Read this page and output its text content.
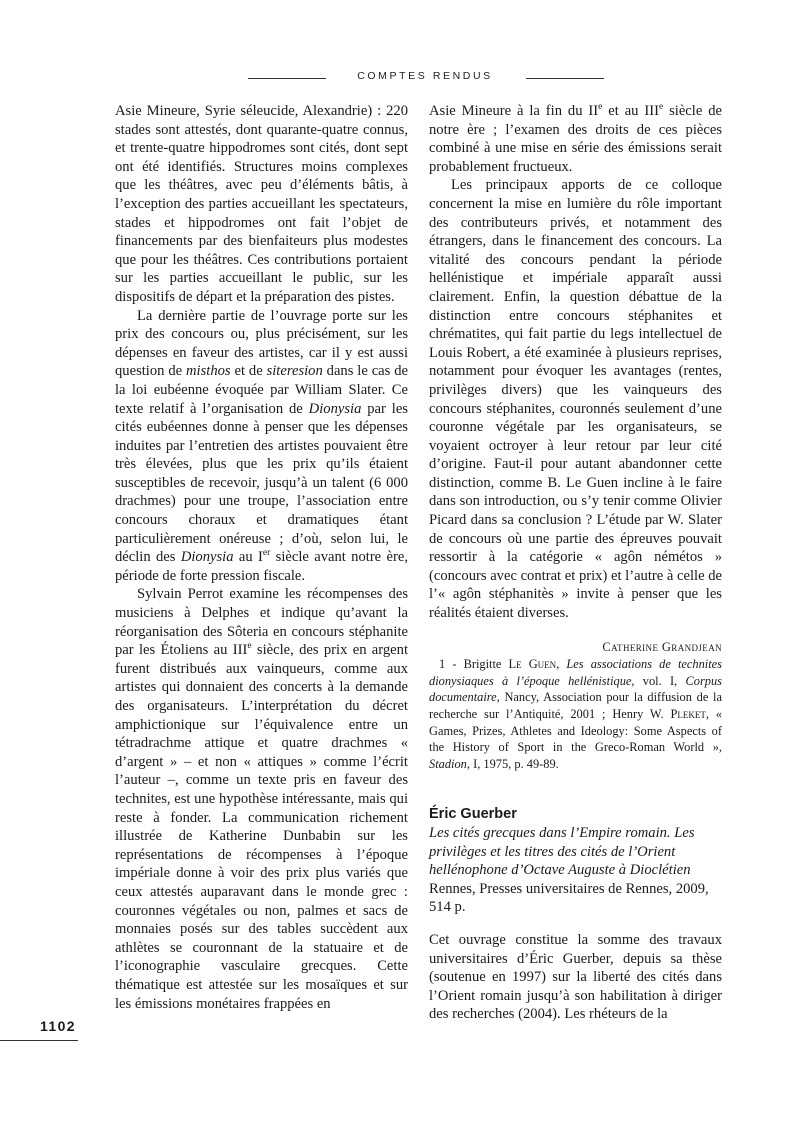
COMPTES RENDUS

Asie Mineure, Syrie séleucide, Alexandrie) : 220 stades sont attestés, dont quarante-quatre connus, et trente-quatre hippodromes sont cités, dont sept ont été identifiés. Structures moins complexes que les théâtres, avec peu d’éléments bâtis, à l’exception des parties accueillant les spectateurs, stades et hippodromes ont fait l’objet de financements par des bienfaiteurs plus modestes que pour les théâtres. Ces contributions portaient sur les parties accueillant le public, sur les dispositifs de départ et la préparation des pistes.

La dernière partie de l’ouvrage porte sur les prix des concours ou, plus précisément, sur les dépenses en faveur des artistes, car il y est aussi question de misthos et de siteresion dans le cas de la loi eubéenne évoquée par William Slater. Ce texte relatif à l’organisation de Dionysia par les cités eubéennes donne à penser que les dépenses induites par l’entretien des artistes pouvaient être très élevées, plus que les prix qu’ils étaient susceptibles de recevoir, jusqu’à un talent (6 000 drachmes) pour une troupe, l’association entre concours choraux et dramatiques étant particulièrement onéreuse ; d’où, selon lui, le déclin des Dionysia au Ier siècle avant notre ère, période de forte pression fiscale.

Sylvain Perrot examine les récompenses des musiciens à Delphes et indique qu’avant la réorganisation des Sôteria en concours stéphanite par les Étoliens au IIIe siècle, des prix en argent furent distribués aux vainqueurs, comme aux artistes qui donnaient des concerts à la demande des organisateurs. L’interprétation du décret amphictionique sur l’équivalence entre un tétradrachme attique et quatre drachmes « d’argent » – et non « attiques » comme l’écrit l’auteur –, comme un texte pris en faveur des technites, est une hypothèse intéressante, mais qui reste à fonder. La communication richement illustrée de Katherine Dunbabin sur les représentations de récompenses à l’époque impériale donne à voir des prix plus variés que ceux attestés auparavant dans le monde grec : couronnes végétales ou non, palmes et sacs de monnaies posés sur des tables succèdent aux athlètes se couronnant de la statuaire et de l’iconographie vasculaire grecques. Cette thématique est attestée sur les mosaïques et sur les émissions monétaires frappées en

Asie Mineure à la fin du IIe et au IIIe siècle de notre ère ; l’examen des droits de ces pièces combiné à une mise en série des émissions serait probablement fructueux.

Les principaux apports de ce colloque concernent la mise en lumière du rôle important des contributeurs privés, et notamment des étrangers, dans le financement des concours. La vitalité des concours pendant la période hellénistique et impériale apparaît aussi clairement. Enfin, la question débattue de la distinction entre concours stéphanites et chrématites, qui fait partie du legs intellectuel de Louis Robert, a été examinée à plusieurs reprises, notamment pour évoquer les avantages (rentes, privilèges divers) que les vainqueurs des concours stéphanites, couronnés seulement d’une couronne végétale par les organisateurs, se voyaient octroyer à leur retour par leur cité d’origine. Faut-il pour autant abandonner cette distinction, comme B. Le Guen incline à le faire dans son introduction, ou s’y tenir comme Olivier Picard dans sa conclusion ? L’étude par W. Slater de concours où une partie des épreuves pouvait ressortir à la catégorie « agôn némétos » (concours avec contrat et prix) et l’autre à celle de l’« agôn stéphanitès » invite à penser que les réalités étaient diverses.

Catherine Grandjean

1 - Brigitte Le Guen, Les associations de technites dionysiaques à l’époque hellénistique, vol. I, Corpus documentaire, Nancy, Association pour la diffusion de la recherche sur l’Antiquité, 2001 ; Henry W. Pleket, « Games, Prizes, Athletes and Ideology: Some Aspects of the History of Sport in the Greco-Roman World », Stadion, I, 1975, p. 49-89.

Éric Guerber
Les cités grecques dans l’Empire romain. Les privilèges et les titres des cités de l’Orient hellénophone d’Octave Auguste à Dioclétien
Rennes, Presses universitaires de Rennes, 2009, 514 p.

Cet ouvrage constitue la somme des travaux universitaires d’Éric Guerber, depuis sa thèse (soutenue en 1997) sur la liberté des cités dans l’Orient romain jusqu’à son habilitation à diriger des recherches (2004). Les rhéteurs de la

1102
